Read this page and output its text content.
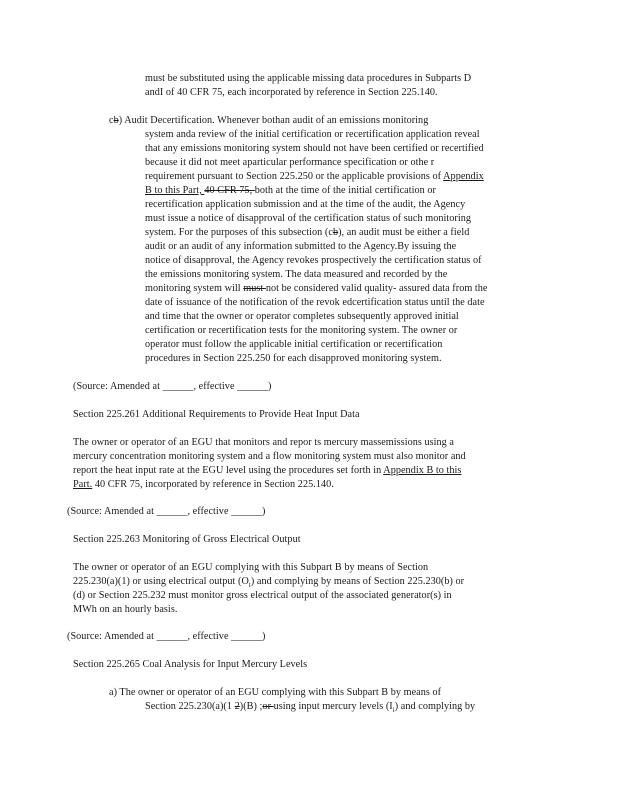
must be substituted using the applicable missing data procedures in Subparts D
andI of 40 CFR 75, each incorporated by reference in Section 225.140.
cb) Audit Decertification. Whenever bothan audit of an emissions monitoring
system anda review of the initial certification or recertification application reveal
that any emissions monitoring system should not have been certified or recertified
because it did not meet aparticular performance specification or othe r
requirement pursuant to Section 225.250 or the applicable provisions of Appendix
B to this Part, 40 CFR 75, both at the time of the initial certification or
recertification application submission and at the time of the audit, the Agency
must issue a notice of disapproval of the certification status of such monitoring
system. For the purposes of this subsection (cb), an audit must be either a field
audit or an audit of any information submitted to the Agency.By issuing the
notice of disapproval, the Agency revokes prospectively the certification status of
the emissions monitoring system. The data measured and recorded by the
monitoring system will must not be considered valid quality- assured data from the
date of issuance of the notification of the revok edcertification status until the date
and time that the owner or operator completes subsequently approved initial
certification or recertification tests for the monitoring system. The owner or
operator must follow the applicable initial certification or recertification
procedures in Section 225.250 for each disapproved monitoring system.
(Source: Amended at ______, effective ______)
Section 225.261 Additional Requirements to Provide Heat Input Data
The owner or operator of an EGU that monitors and repor ts mercury massemissions using a
mercury concentration monitoring system and a flow monitoring system must also monitor and
report the heat input rate at the EGU level using the procedures set forth in Appendix B to this
Part. 40 CFR 75, incorporated by reference in Section 225.140.
(Source: Amended at ______, effective ______)
Section 225.263 Monitoring of Gross Electrical Output
The owner or operator of an EGU complying with this Subpart B by means of Section
225.230(a)(1) or using electrical output $(O_t)$ and complying by means of Section 225.230(b) or
(d) or Section 225.232 must monitor gross electrical output of the associated generator(s) in
MWh on an hourly basis.
(Source: Amended at ______, effective ______)
Section 225.265 Coal Analysis for Input Mercury Levels
a) The owner or operator of an EGU complying with this Subpart B by means of
Section 225.230(a)(1 2)(B) ;or using input mercury levels $(I_i)$ and complying by
